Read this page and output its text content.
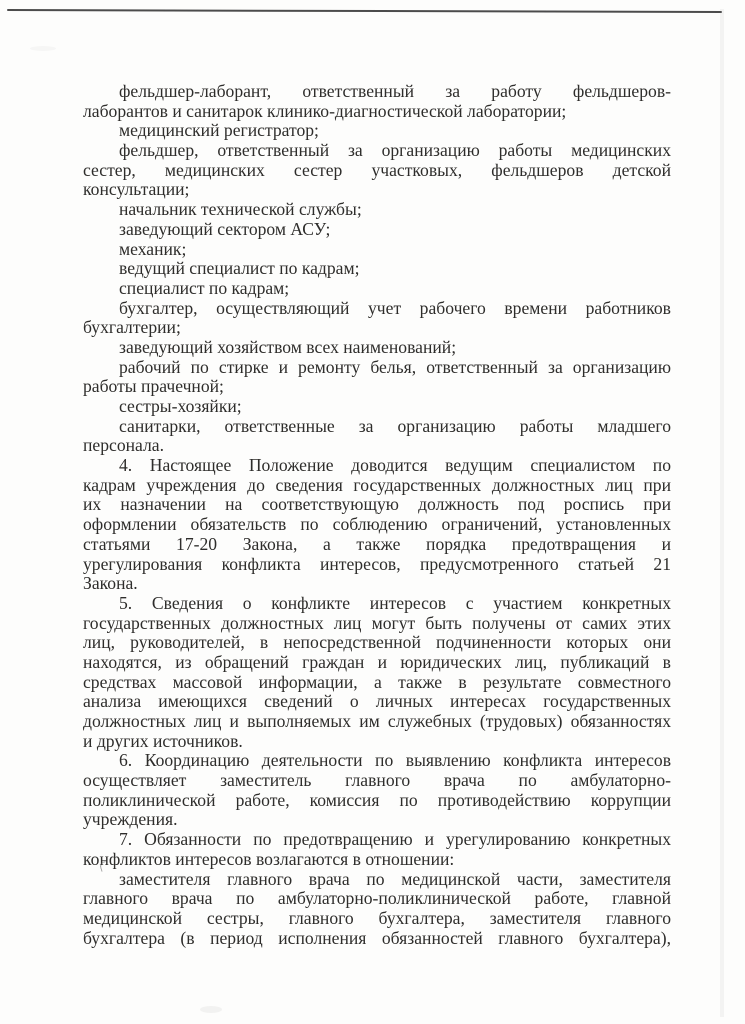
фельдшер-лаборант, ответственный за работу фельдшеров-
лаборантов и санитарок клинико-диагностической лаборатории;

медицинский регистратор;

фельдшер, ответственный за организацию работы медицинских
сестер, медицинских сестер участковых, фельдшеров детской
консультации;

начальник технической службы;

заведующий сектором АСУ;

механик;

ведущий специалист по кадрам;

специалист по кадрам;

бухгалтер, осуществляющий учет рабочего времени работников
бухгалтерии;

заведующий хозяйством всех наименований;

рабочий по стирке и ремонту белья, ответственный за организацию
работы прачечной;

сестры-хозяйки;

санитарки, ответственные за организацию работы младшего
персонала.

4. Настоящее Положение доводится ведущим специалистом по
кадрам учреждения до сведения государственных должностных лиц при
их назначении на соответствующую должность под роспись при
оформлении обязательств по соблюдению ограничений, установленных
статьями 17-20 Закона, а также порядка предотвращения и
урегулирования конфликта интересов, предусмотренного статьей 21
Закона.

5. Сведения о конфликте интересов с участием конкретных
государственных должностных лиц могут быть получены от самих этих
лиц, руководителей, в непосредственной подчиненности которых они
находятся, из обращений граждан и юридических лиц, публикаций в
средствах массовой информации, а также в результате совместного
анализа имеющихся сведений о личных интересах государственных
должностных лиц и выполняемых им служебных (трудовых) обязанностях
и других источников.

6. Координацию деятельности по выявлению конфликта интересов
осуществляет заместитель главного врача по амбулаторно-
поликлинической работе, комиссия по противодействию коррупции
учреждения.

7. Обязанности по предотвращению и урегулированию конкретных
конфликтов интересов возлагаются в отношении:

заместителя главного врача по медицинской части, заместителя
главного врача по амбулаторно-поликлинической работе, главной
медицинской сестры, главного бухгалтера, заместителя главного
бухгалтера (в период исполнения обязанностей главного бухгалтера),
